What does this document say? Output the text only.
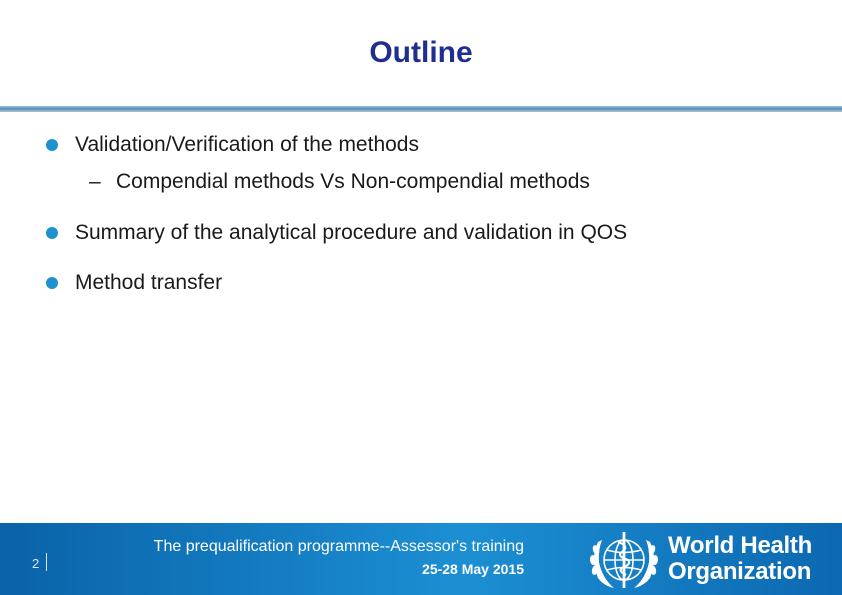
Outline
Validation/Verification of the methods
– Compendial methods Vs Non-compendial methods
Summary of the analytical procedure and validation in QOS
Method transfer
2
The prequalification programme--Assessor's training
25-28 May 2015
World Health
Organization
